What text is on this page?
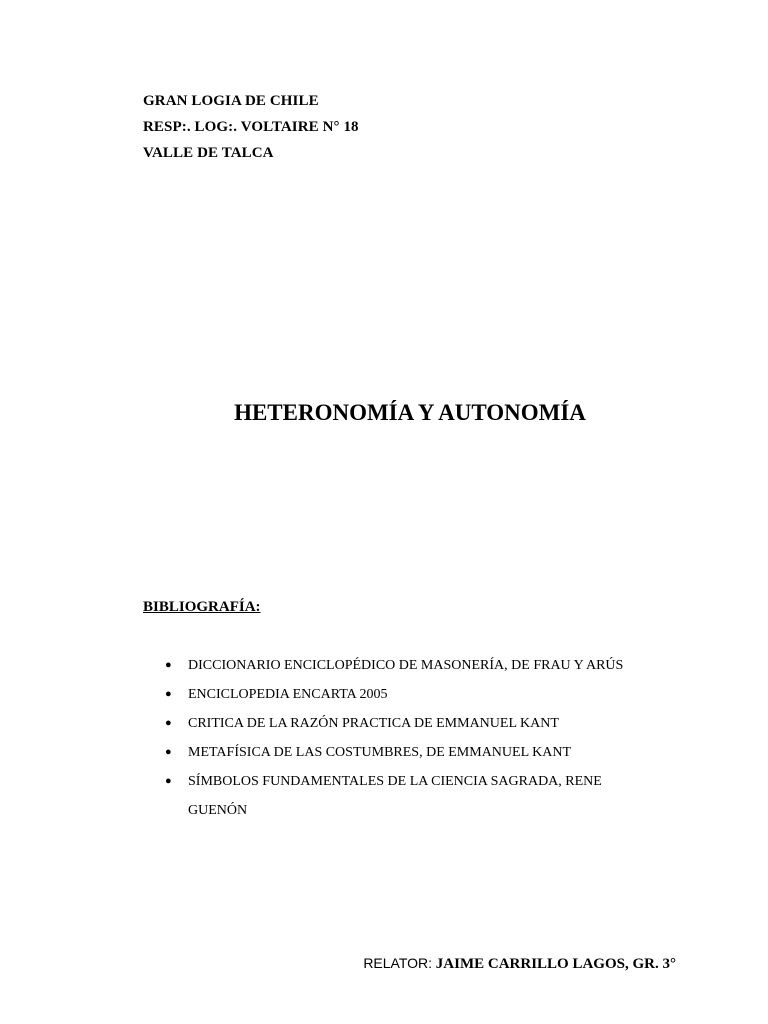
GRAN LOGIA DE CHILE
RESP:. LOG:. VOLTAIRE N° 18
VALLE DE TALCA
HETERONOMÍA Y AUTONOMÍA
BIBLIOGRAFÍA:
● DICCIONARIO ENCICLOPÉDICO DE MASONERÍA, DE FRAU Y ARÚS
● ENCICLOPEDIA ENCARTA 2005
● CRITICA DE LA RAZÓN PRACTICA DE EMMANUEL KANT
● METAFÍSICA DE LAS COSTUMBRES, DE EMMANUEL KANT
● SÍMBOLOS FUNDAMENTALES DE LA CIENCIA SAGRADA, RENE GUENÓN
RELATOR: JAIME CARRILLO LAGOS, GR. 3°
